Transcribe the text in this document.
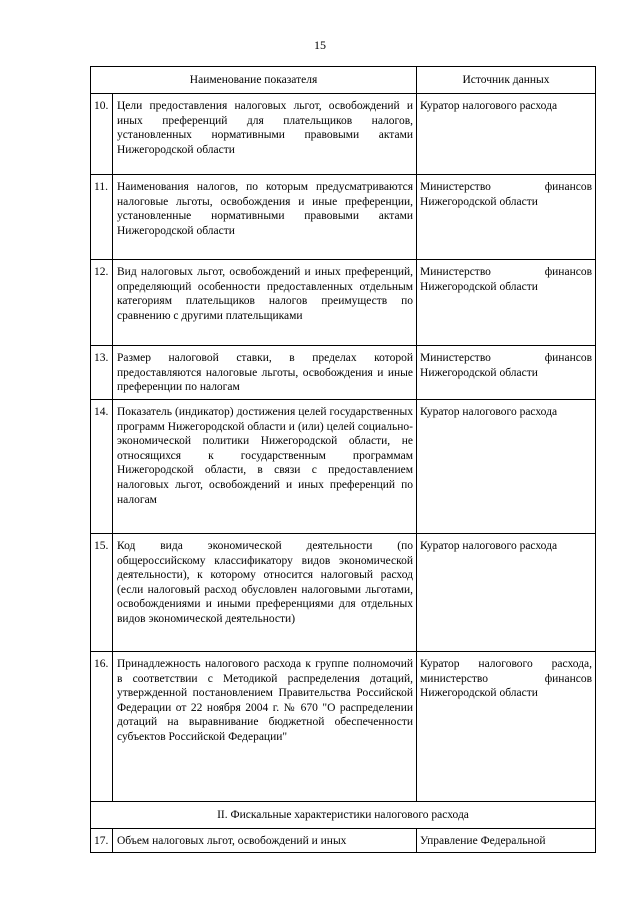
15
Наименование показателя		Источник данных
10.	Цели предоставления налоговых льгот, освобождений и иных преференций для плательщиков налогов, установленных нормативными правовыми актами Нижегородской области	Куратор налогового расхода
11.	Наименования налогов, по которым предусматриваются налоговые льготы, освобождения и иные преференции, установленные нормативными правовыми актами Нижегородской области	Министерство финансов Нижегородской области
12.	Вид налоговых льгот, освобождений и иных преференций, определяющий особенности предоставленных отдельным категориям плательщиков налогов преимуществ по сравнению с другими плательщиками	Министерство финансов Нижегородской области
13.	Размер налоговой ставки, в пределах которой предоставляются налоговые льготы, освобождения и иные преференции по налогам	Министерство финансов Нижегородской области
14.	Показатель (индикатор) достижения целей государственных программ Нижегородской области и (или) целей социально-экономической политики Нижегородской области, не относящихся к государственным программам Нижегородской области, в связи с предоставлением налоговых льгот, освобождений и иных преференций по налогам	Куратор налогового расхода
15.	Код вида экономической деятельности (по общероссийскому классификатору видов экономической деятельности), к которому относится налоговый расход (если налоговый расход обусловлен налоговыми льготами, освобождениями и иными преференциями для отдельных видов экономической деятельности)	Куратор налогового расхода
16.	Принадлежность налогового расхода к группе полномочий в соответствии с Методикой распределения дотаций, утвержденной постановлением Правительства Российской Федерации от 22 ноября 2004 г. № 670 "О распределении дотаций на выравнивание бюджетной обеспеченности субъектов Российской Федерации"	Куратор налогового расхода, министерство финансов Нижегородской области
II. Фискальные характеристики налогового расхода		
17.	Объем налоговых льгот, освобождений и иных	Управление Федеральной
